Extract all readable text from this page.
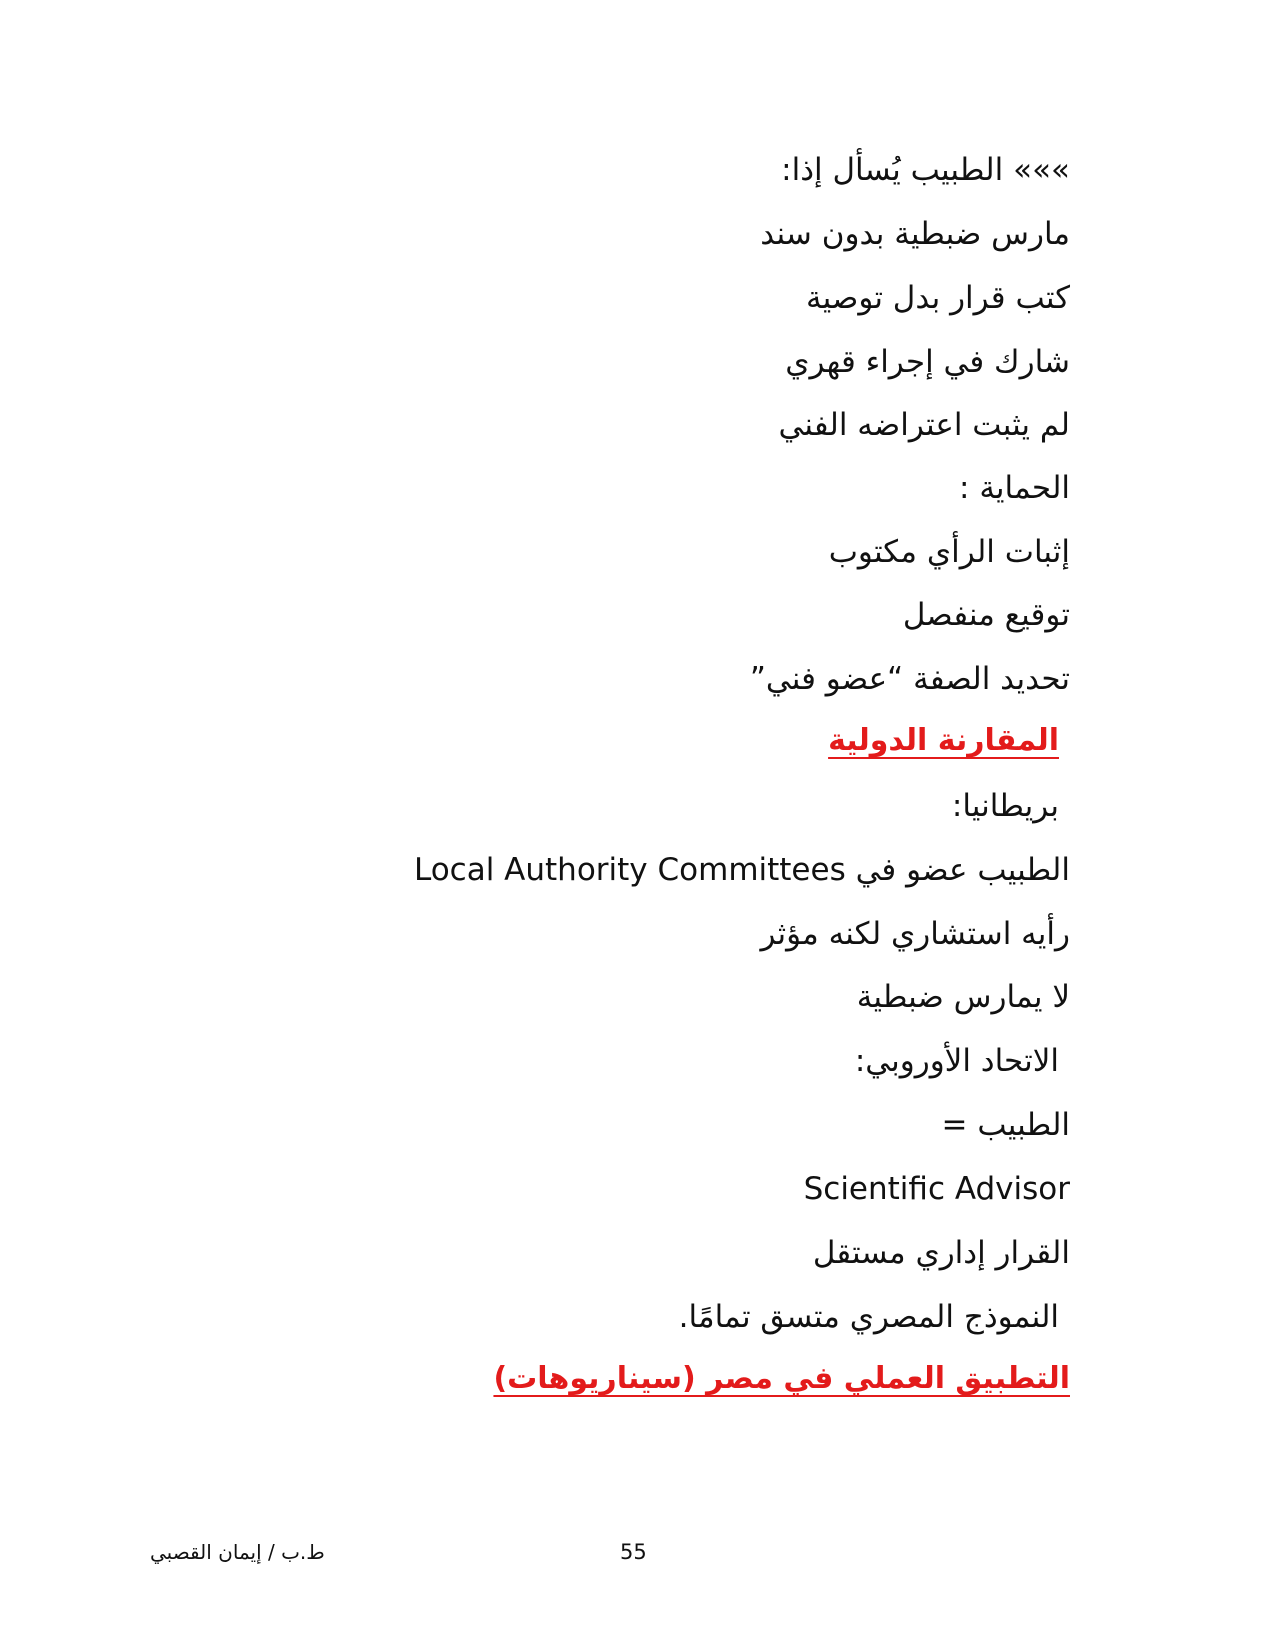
»»» الطبيب يُسأل إذا:

مارس ضبطية بدون سند

كتب قرار بدل توصية

شارك في إجراء قهري

لم يثبت اعتراضه الفني

الحماية :

إثبات الرأي مكتوب

توقيع منفصل

تحديد الصفة “عضو فني”

المقارنة الدولية

بريطانيا:

الطبيب عضو في Local Authority Committees

رأيه استشاري لكنه مؤثر

لا يمارس ضبطية

الاتحاد الأوروبي:

الطبيب =

Scientific Advisor

القرار إداري مستقل

النموذج المصري متسق تمامًا.

التطبيق العملي في مصر (سيناريوهات)

ط.ب / إيمان القصبي	55
